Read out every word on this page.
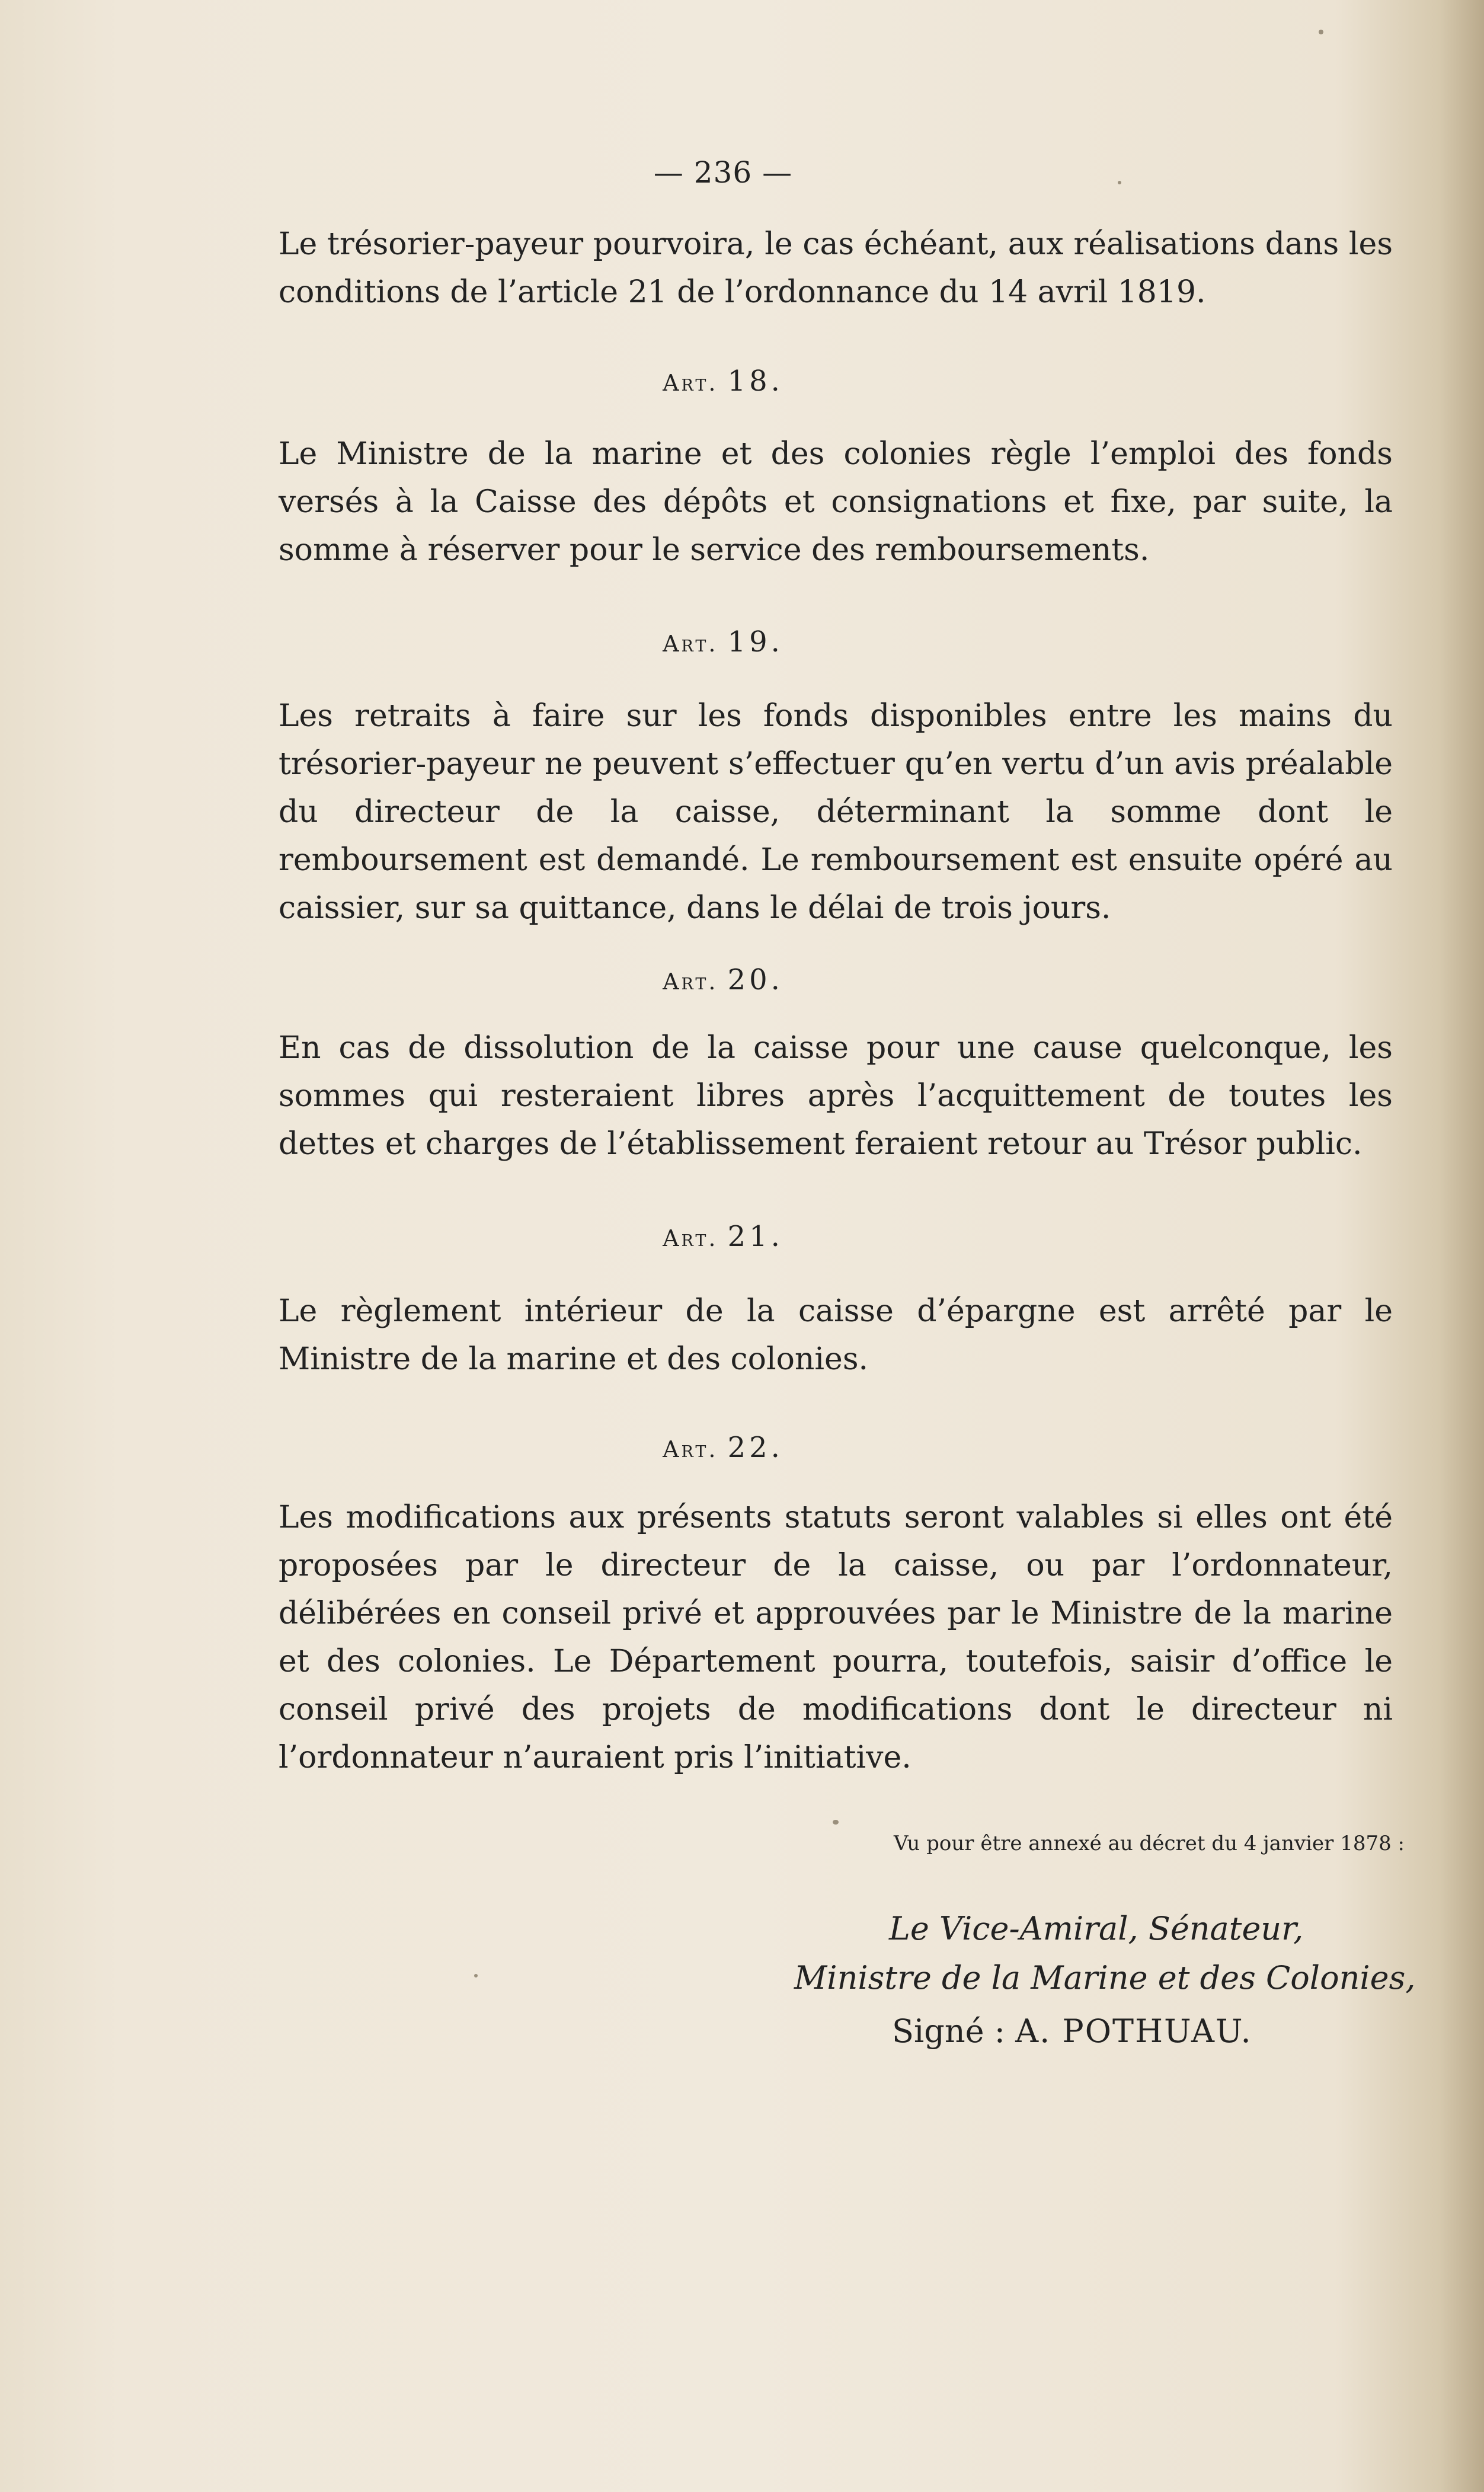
— 236 —

Le trésorier-payeur pourvoira, le cas échéant, aux réalisations dans les conditions de l’article 21 de l’ordonnance du 14 avril 1819.

Art. 18.

Le Ministre de la marine et des colonies règle l’emploi des fonds versés à la Caisse des dépôts et consignations et fixe, par suite, la somme à réserver pour le service des remboursements.

Art. 19.

Les retraits à faire sur les fonds disponibles entre les mains du trésorier-payeur ne peuvent s’effectuer qu’en vertu d’un avis préalable du directeur de la caisse, déterminant la somme dont le remboursement est demandé. Le remboursement est ensuite opéré au caissier, sur sa quittance, dans le délai de trois jours.

Art. 20.

En cas de dissolution de la caisse pour une cause quelconque, les sommes qui resteraient libres après l’acquittement de toutes les dettes et charges de l’établissement feraient retour au Trésor public.

Art. 21.

Le règlement intérieur de la caisse d’épargne est arrêté par le Ministre de la marine et des colonies.

Art. 22.

Les modifications aux présents statuts seront valables si elles ont été proposées par le directeur de la caisse, ou par l’ordonnateur, délibérées en conseil privé et approuvées par le Ministre de la marine et des colonies. Le Département pourra, toutefois, saisir d’office le conseil privé des projets de modifications dont le directeur ni l’ordonnateur n’auraient pris l’initiative.

Vu pour être annexé au décret du 4 janvier 1878 :
Le Vice-Amiral, Sénateur,
Ministre de la Marine et des Colonies,
Signé : A. POTHUAU.
